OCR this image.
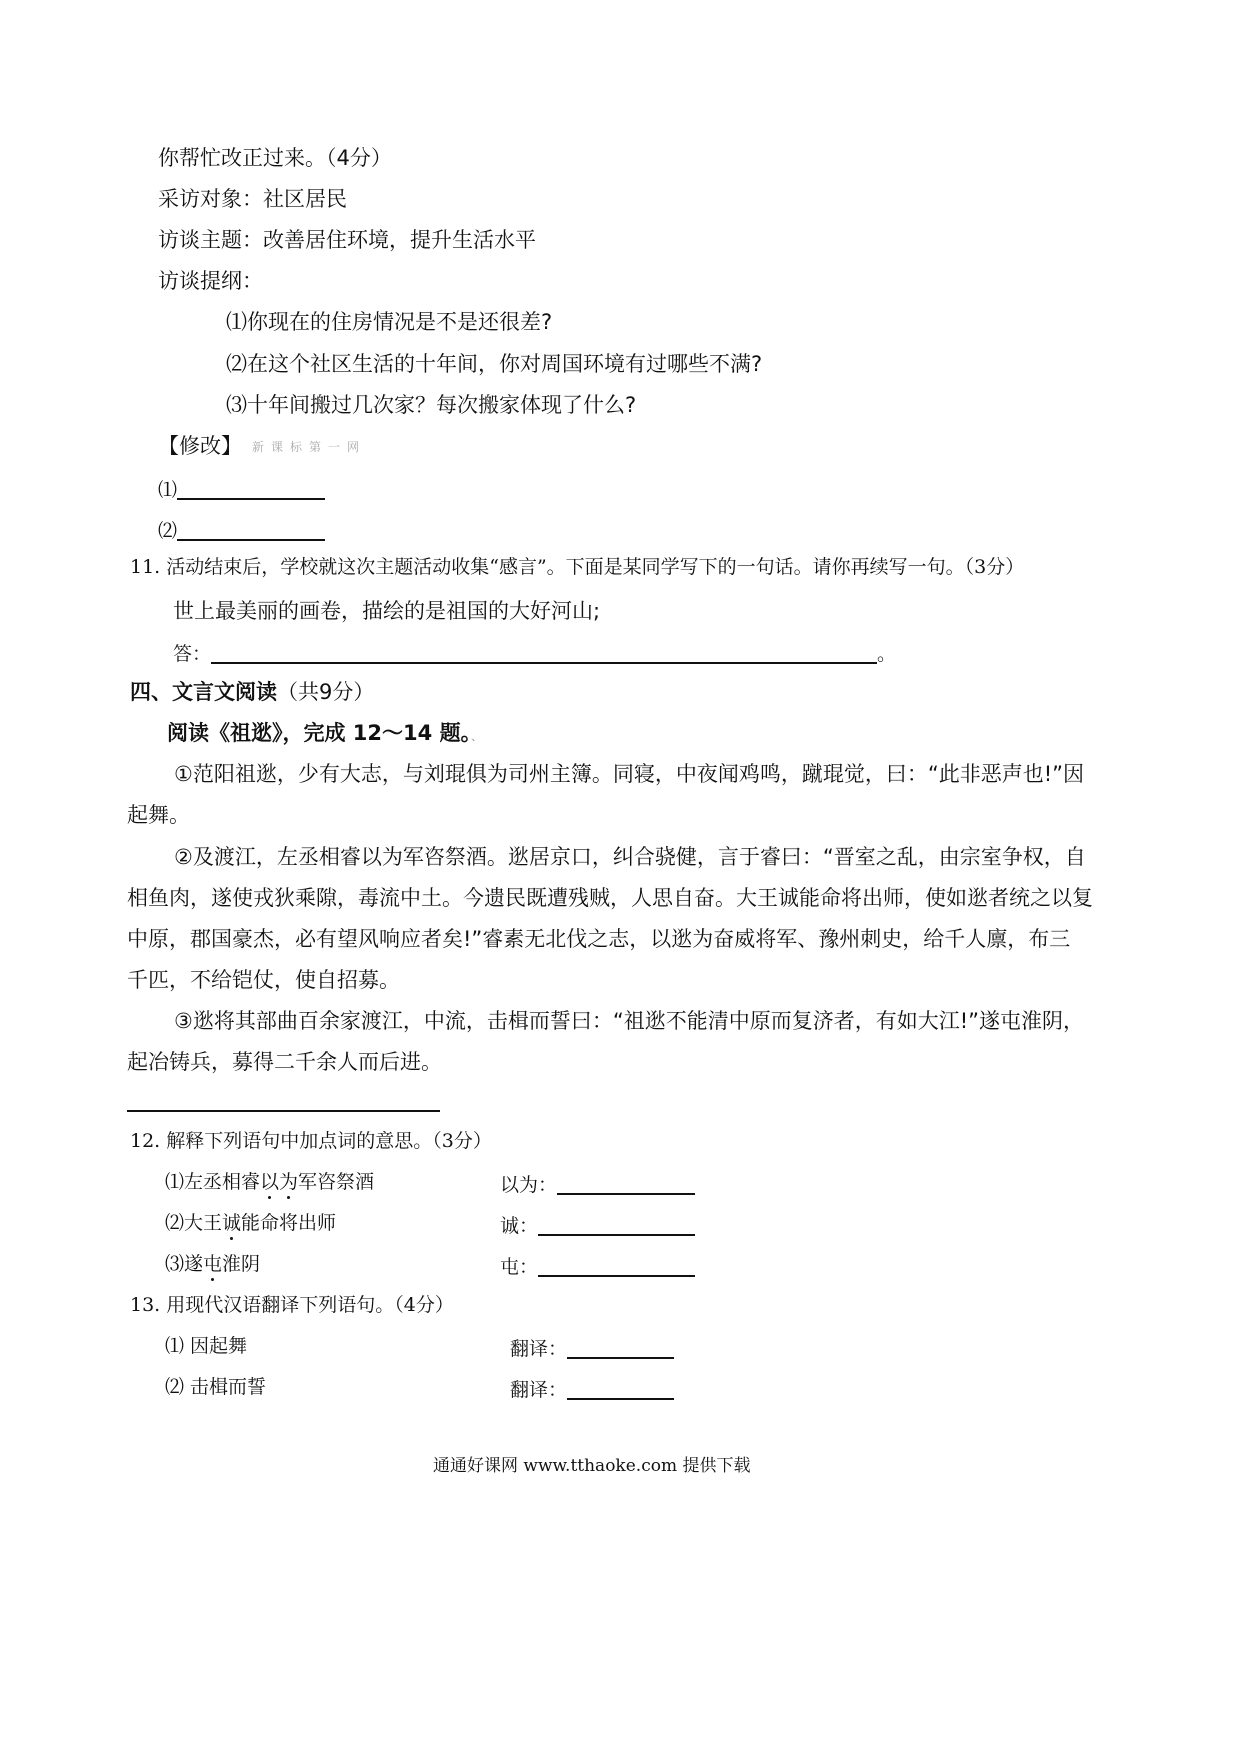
你帮忙改正过来。（4分）
采访对象：社区居民
访谈主题：改善居住环境，提升生活水平
访谈提纲：
⑴你现在的住房情况是不是还很差?
⑵在这个社区生活的十年间，你对周国环境有过哪些不满?
⑶十年间搬过几次家？每次搬家体现了什么?
【修改】 新课标第一网
⑴
⑵
11. 活动结束后，学校就这次主题活动收集“感言”。下面是某同学写下的一句话。请你再续写一句。（3分）
世上最美丽的画卷，描绘的是祖国的大好河山;
答：	。
四、文言文阅读（共9分）
阅读《祖逖》，完成 12～14 题。、
①范阳祖逖，少有大志，与刘琨俱为司州主簿。同寝，中夜闻鸡鸣，蹴琨觉，曰：“此非恶声也!”因
起舞。
②及渡江，左丞相睿以为军咨祭酒。逖居京口，纠合骁健，言于睿曰：“晋室之乱，由宗室争权，自
相鱼肉，遂使戎狄乘隙，毒流中土。今遗民既遭残贼，人思自奋。大王诚能命将出师，使如逖者统之以复
中原，郡国豪杰，必有望风响应者矣!”睿素无北伐之志，以逖为奋威将军、豫州刺史，给千人廪，布三
千匹，不给铠仗，使自招募。
③逖将其部曲百余家渡江，中流，击楫而誓曰：“祖逖不能清中原而复济者，有如大江!”遂屯淮阴，
起冶铸兵，募得二千余人而后进。
12. 解释下列语句中加点词的意思。（3分）
⑴左丞相睿以为军咨祭酒	以为：
⑵大王诚能命将出师	诚：
⑶遂屯淮阴	屯：
13. 用现代汉语翻译下列语句。（4分）
⑴ 因起舞	翻译：
⑵ 击楫而誓	翻译：
通通好课网 www.tthaoke.com 提供下载
